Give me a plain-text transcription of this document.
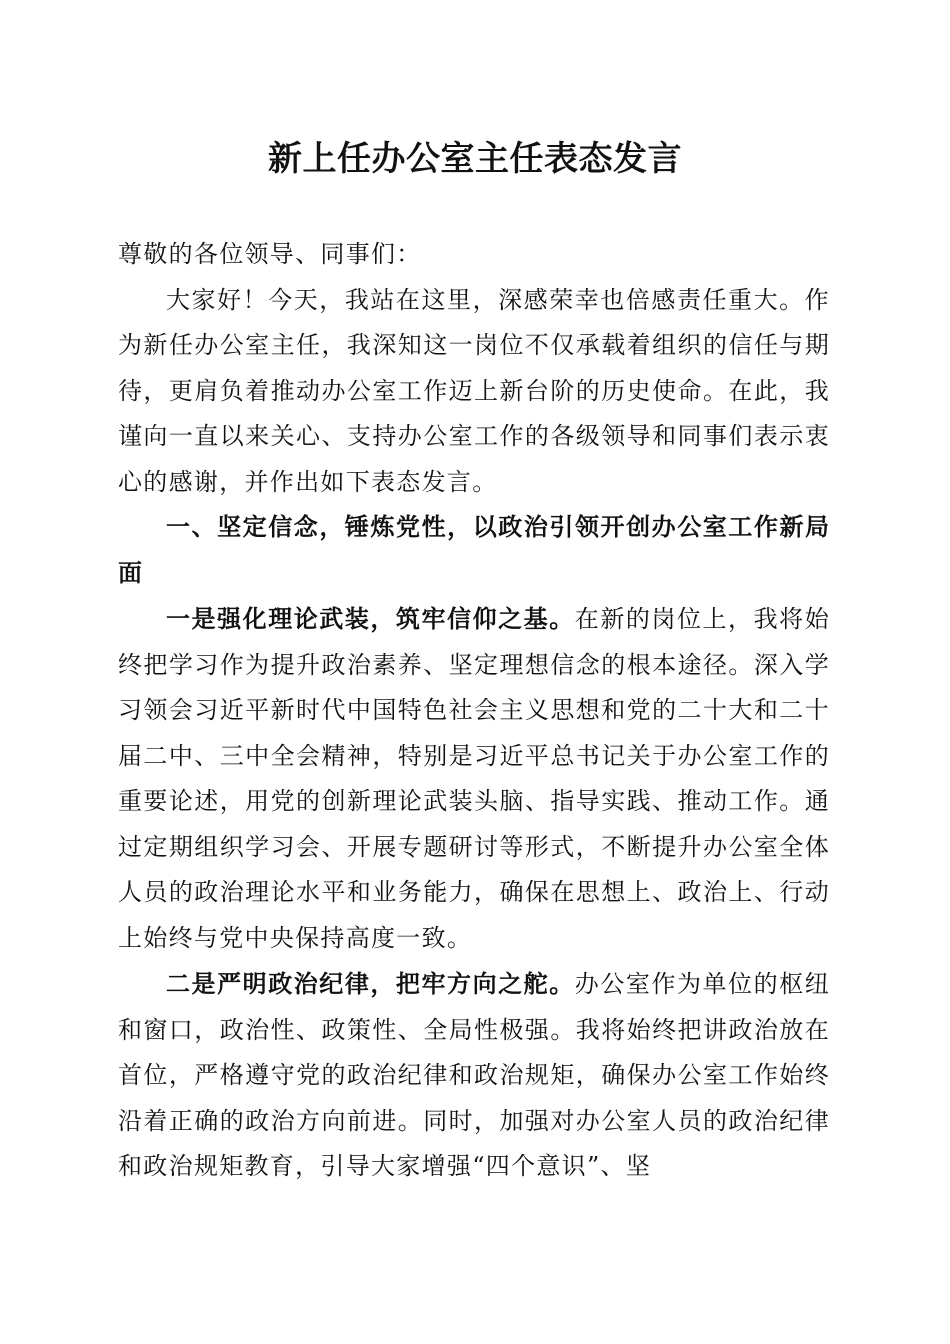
新上任办公室主任表态发言

尊敬的各位领导、同事们：

大家好！今天，我站在这里，深感荣幸也倍感责任重大。作为新任办公室主任，我深知这一岗位不仅承载着组织的信任与期待，更肩负着推动办公室工作迈上新台阶的历史使命。在此，我谨向一直以来关心、支持办公室工作的各级领导和同事们表示衷心的感谢，并作出如下表态发言。

一、坚定信念，锤炼党性，以政治引领开创办公室工作新局面

一是强化理论武装，筑牢信仰之基。在新的岗位上，我将始终把学习作为提升政治素养、坚定理想信念的根本途径。深入学习领会习近平新时代中国特色社会主义思想和党的二十大和二十届二中、三中全会精神，特别是习近平总书记关于办公室工作的重要论述，用党的创新理论武装头脑、指导实践、推动工作。通过定期组织学习会、开展专题研讨等形式，不断提升办公室全体人员的政治理论水平和业务能力，确保在思想上、政治上、行动上始终与党中央保持高度一致。

二是严明政治纪律，把牢方向之舵。办公室作为单位的枢纽和窗口，政治性、政策性、全局性极强。我将始终把讲政治放在首位，严格遵守党的政治纪律和政治规矩，确保办公室工作始终沿着正确的政治方向前进。同时，加强对办公室人员的政治纪律和政治规矩教育，引导大家增强“四个意识”、坚
